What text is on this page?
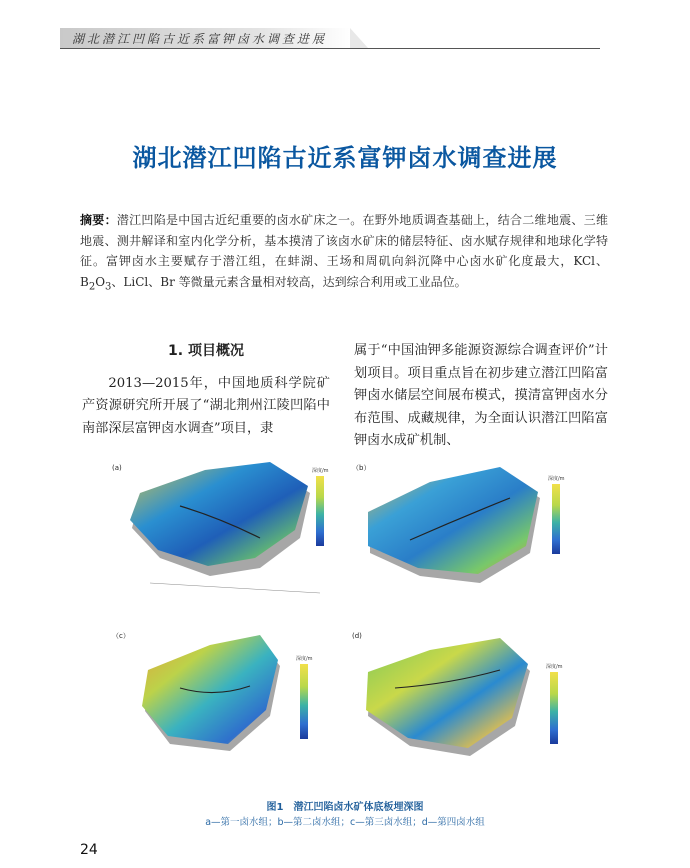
湖北潜江凹陷古近系富钾卤水调查进展
湖北潜江凹陷古近系富钾卤水调查进展
摘要：潜江凹陷是中国古近纪重要的卤水矿床之一。在野外地质调查基础上，结合二维地震、三维地震、测井解译和室内化学分析，基本摸清了该卤水矿床的储层特征、卤水赋存规律和地球化学特征。富钾卤水主要赋存于潜江组，在蚌湖、王场和周矶向斜沉降中心卤水矿化度最大，KCl、$B_2O_3$、LiCl、Br 等微量元素含量相对较高，达到综合利用或工业品位。
1. 项目概况
2013—2015年，中国地质科学院矿产资源研究所开展了“湖北荆州江陵凹陷中南部深层富钾卤水调查”项目，隶
属于“中国油钾多能源资源综合调查评价”计划项目。项目重点旨在初步建立潜江凹陷富钾卤水储层空间展布模式，摸清富钾卤水分布范围、成藏规律，为全面认识潜江凹陷富钾卤水成矿机制、
(a)	深度/m	（b）
深度/m
（c）
深度/m
(d)
深度/m
图1　潜江凹陷卤水矿体底板埋深图
a—第一卤水组；b—第二卤水组；c—第三卤水组；d—第四卤水组
24
